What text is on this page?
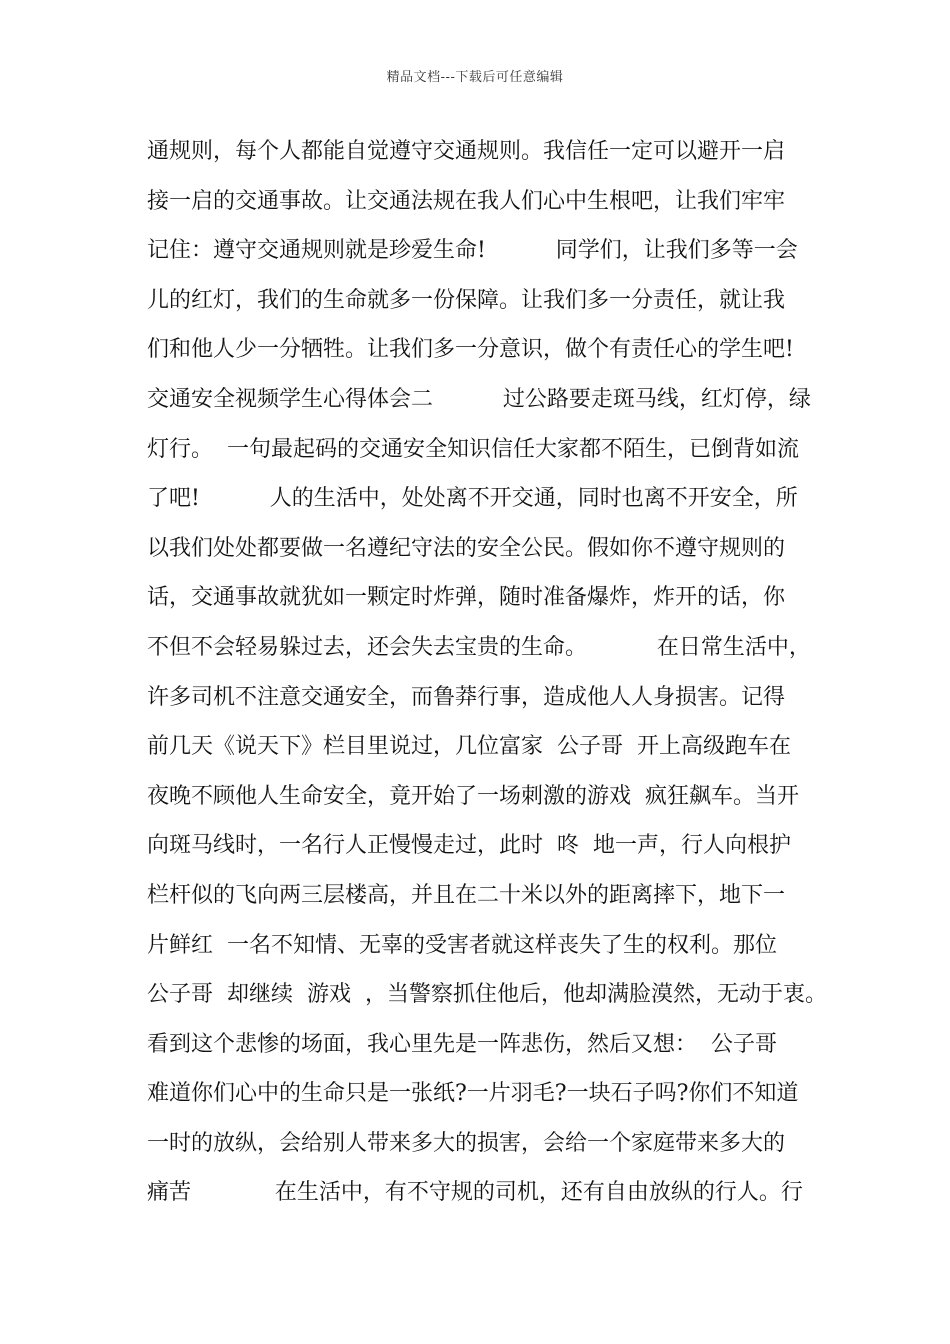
精品文档---下载后可任意编辑
通规则，每个人都能自觉遵守交通规则。我信任一定可以避开一启
接一启的交通事故。让交通法规在我人们心中生根吧，让我们牢牢
记住：遵守交通规则就是珍爱生命!          同学们，让我们多等一会
儿的红灯，我们的生命就多一份保障。让我们多一分责任，就让我
们和他人少一分牺牲。让我们多一分意识，做个有责任心的学生吧!
交通安全视频学生心得体会二          过公路要走斑马线，红灯停，绿
灯行。  一句最起码的交通安全知识信任大家都不陌生，已倒背如流
了吧!          人的生活中，处处离不开交通，同时也离不开安全，所
以我们处处都要做一名遵纪守法的安全公民。假如你不遵守规则的
话，交通事故就犹如一颗定时炸弹，随时准备爆炸，炸开的话，你
不但不会轻易躲过去，还会失去宝贵的生命。          在日常生活中，
许多司机不注意交通安全，而鲁莽行事，造成他人人身损害。记得
前几天《说天下》栏目里说过，几位富家  公子哥  开上高级跑车在
夜晚不顾他人生命安全，竟开始了一场刺激的游戏  疯狂飙车。当开
向斑马线时，一名行人正慢慢走过，此时  咚  地一声，行人向根护
栏杆似的飞向两三层楼高，并且在二十米以外的距离摔下，地下一
片鲜红  一名不知情、无辜的受害者就这样丧失了生的权利。那位
公子哥  却继续  游戏  ，当警察抓住他后，他却满脸漠然，无动于衷。
看到这个悲惨的场面，我心里先是一阵悲伤，然后又想：  公子哥
难道你们心中的生命只是一张纸?一片羽毛?一块石子吗?你们不知道
一时的放纵，会给别人带来多大的损害，会给一个家庭带来多大的
痛苦            在生活中，有不守规的司机，还有自由放纵的行人。行
